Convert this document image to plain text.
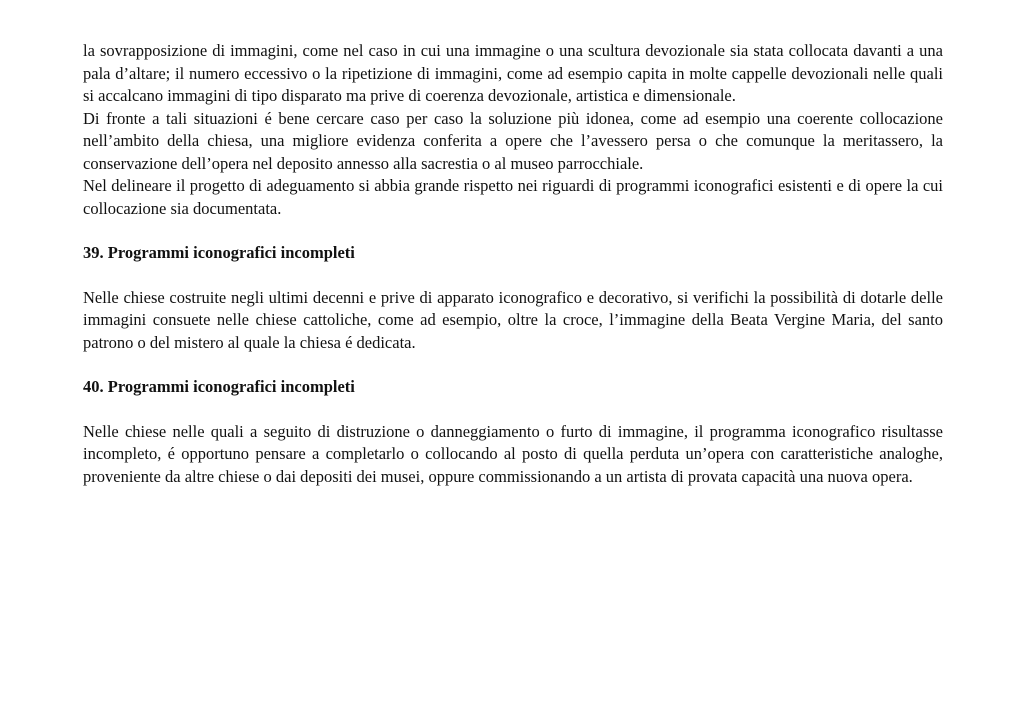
la sovrapposizione di immagini, come nel caso in cui una immagine o una scultura devozionale sia stata collocata davanti a una pala d’altare; il numero eccessivo o la ripetizione di immagini, come ad esempio capita in molte cappelle devozionali nelle quali si accalcano immagini di tipo disparato ma prive di coerenza devozionale, artistica e dimensionale.

Di fronte a tali situazioni é bene cercare caso per caso la soluzione più idonea, come ad esempio una coerente collocazione nell’ambito della chiesa, una migliore evidenza conferita a opere che l’avessero persa o che comunque la meritassero, la conservazione dell’opera nel deposito annesso alla sacrestia o al museo parrocchiale.

Nel delineare il progetto di adeguamento si abbia grande rispetto nei riguardi di programmi iconografici esistenti e di opere la cui collocazione sia documentata.

39. Programmi iconografici incompleti

Nelle chiese costruite negli ultimi decenni e prive di apparato iconografico e decorativo, si verifichi la possibilità di dotarle delle immagini consuete nelle chiese cattoliche, come ad esempio, oltre la croce, l’immagine della Beata Vergine Maria, del santo patrono o del mistero al quale la chiesa é dedicata.

40. Programmi iconografici incompleti

Nelle chiese nelle quali a seguito di distruzione o danneggiamento o furto di immagine, il programma iconografico risultasse incompleto, é opportuno pensare a completarlo o collocando al posto di quella perduta un’opera con caratteristiche analoghe, proveniente da altre chiese o dai depositi dei musei, oppure commissionando a un artista di provata capacità una nuova opera.
